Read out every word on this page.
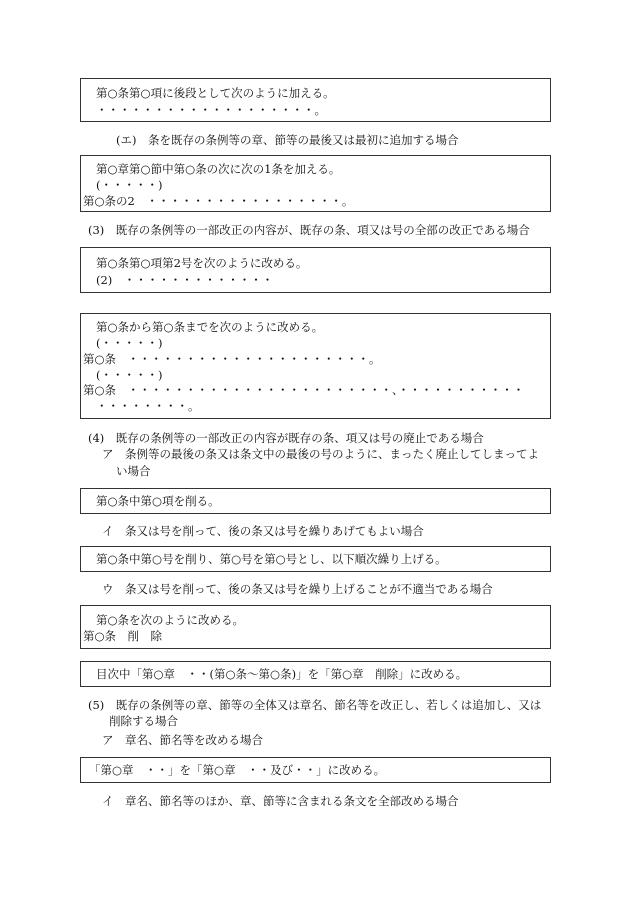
第○条第○項に後段として次のように加える。
・・・・・・・・・・・・・・・・・・・。
(エ)　条を既存の条例等の章、節等の最後又は最初に追加する場合
第○章第○節中第○条の次に次の1条を加える。
(・・・・・)
第○条の2　・・・・・・・・・・・・・・・・・。
(3)　既存の条例等の一部改正の内容が、既存の条、項又は号の全部の改正である場合
第○条第○項第2号を次のように改める。
(2)　・・・・・・・・・・・・・
第○条から第○条までを次のように改める。
(・・・・・)
第○条　・・・・・・・・・・・・・・・・・・・・・。
(・・・・・)
第○条　・・・・・・・・・・・・・・・・・・・・・・・、・・・・・・・・・・・
・・・・・・・・。
(4)　既存の条例等の一部改正の内容が既存の条、項又は号の廃止である場合
ア　条例等の最後の条又は条文中の最後の号のように、まったく廃止してしまってよ
い場合
第○条中第○項を削る。
イ　条又は号を削って、後の条又は号を繰りあげてもよい場合
第○条中第○号を削り、第○号を第○号とし、以下順次繰り上げる。
ウ　条又は号を削って、後の条又は号を繰り上げることが不適当である場合
第○条を次のように改める。
第○条　削　除
目次中「第○章　・・(第○条〜第○条)」を「第○章　削除」に改める。
(5)　既存の条例等の章、節等の全体又は章名、節名等を改正し、若しくは追加し、又は
削除する場合
ア　章名、節名等を改める場合
「第○章　・・」を「第○章　・・及び・・」に改める。
イ　章名、節名等のほか、章、節等に含まれる条文を全部改める場合
